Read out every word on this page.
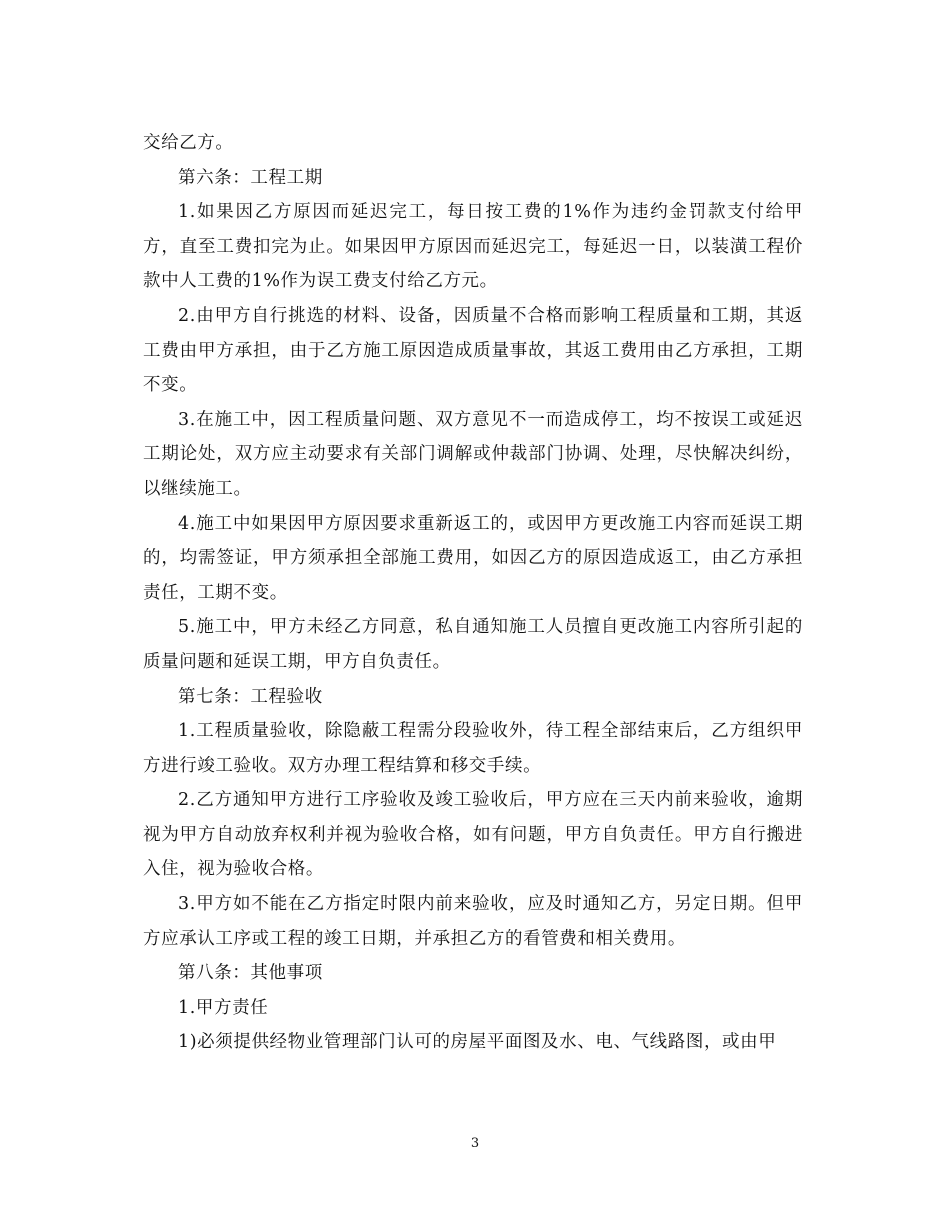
交给乙方。

第六条：工程工期

1.如果因乙方原因而延迟完工，每日按工费的1%作为违约金罚款支付给甲方，直至工费扣完为止。如果因甲方原因而延迟完工，每延迟一日，以装潢工程价款中人工费的1%作为误工费支付给乙方元。

2.由甲方自行挑选的材料、设备，因质量不合格而影响工程质量和工期，其返工费由甲方承担，由于乙方施工原因造成质量事故，其返工费用由乙方承担，工期不变。

3.在施工中，因工程质量问题、双方意见不一而造成停工，均不按误工或延迟工期论处，双方应主动要求有关部门调解或仲裁部门协调、处理，尽快解决纠纷，以继续施工。

4.施工中如果因甲方原因要求重新返工的，或因甲方更改施工内容而延误工期的，均需签证，甲方须承担全部施工费用，如因乙方的原因造成返工，由乙方承担责任，工期不变。

5.施工中，甲方未经乙方同意，私自通知施工人员擅自更改施工内容所引起的质量问题和延误工期，甲方自负责任。

第七条：工程验收

1.工程质量验收，除隐蔽工程需分段验收外，待工程全部结束后，乙方组织甲方进行竣工验收。双方办理工程结算和移交手续。

2.乙方通知甲方进行工序验收及竣工验收后，甲方应在三天内前来验收，逾期视为甲方自动放弃权利并视为验收合格，如有问题，甲方自负责任。甲方自行搬进入住，视为验收合格。

3.甲方如不能在乙方指定时限内前来验收，应及时通知乙方，另定日期。但甲方应承认工序或工程的竣工日期，并承担乙方的看管费和相关费用。

第八条：其他事项

1.甲方责任

1)必须提供经物业管理部门认可的房屋平面图及水、电、气线路图，或由甲

3
